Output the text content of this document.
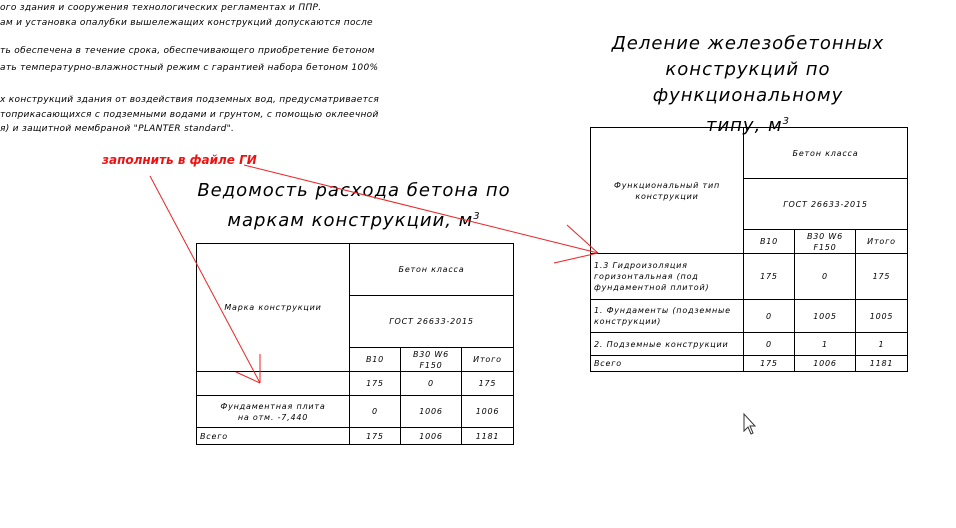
ого здания и сооружения технологических регламентах и ППР.
ам и установка опалубки вышележащих конструкций допускаются после
ть обеспечена в течение срока, обеспечивающего приобретение бетоном
ать температурно-влажностный режим с гарантией набора бетоном 100%
х конструкций здания от воздействия подземных вод, предусматривается
топрикасающихся с подземными водами и грунтом, с помощью оклеечной
я) и защитной мембраной "PLANTER standard".
заполнить в файле ГИ
Ведомость расхода бетона по
маркам конструкции, $м^3$
Марка конструкции	Бетон класса		
	ГОСТ 26633-2015		
	В10	В30 W6 F150	Итого
	175	0	175
Фундаментная плита
на отм. -7,440	0	1006	1006
Всего	175	1006	1181
Деление железобетонных
конструкций по функциональному
типу, $м^3$
Функциональный тип конструкции	Бетон класса		
	ГОСТ 26633-2015		
	В10	В30 W6 F150	Итого
1.3 Гидроизоляция горизонтальная (под фундаментной плитой)	175	0	175
1. Фундаменты (подземные конструкции)	0	1005	1005
2. Подземные конструкции	0	1	1
Всего	175	1006	1181
